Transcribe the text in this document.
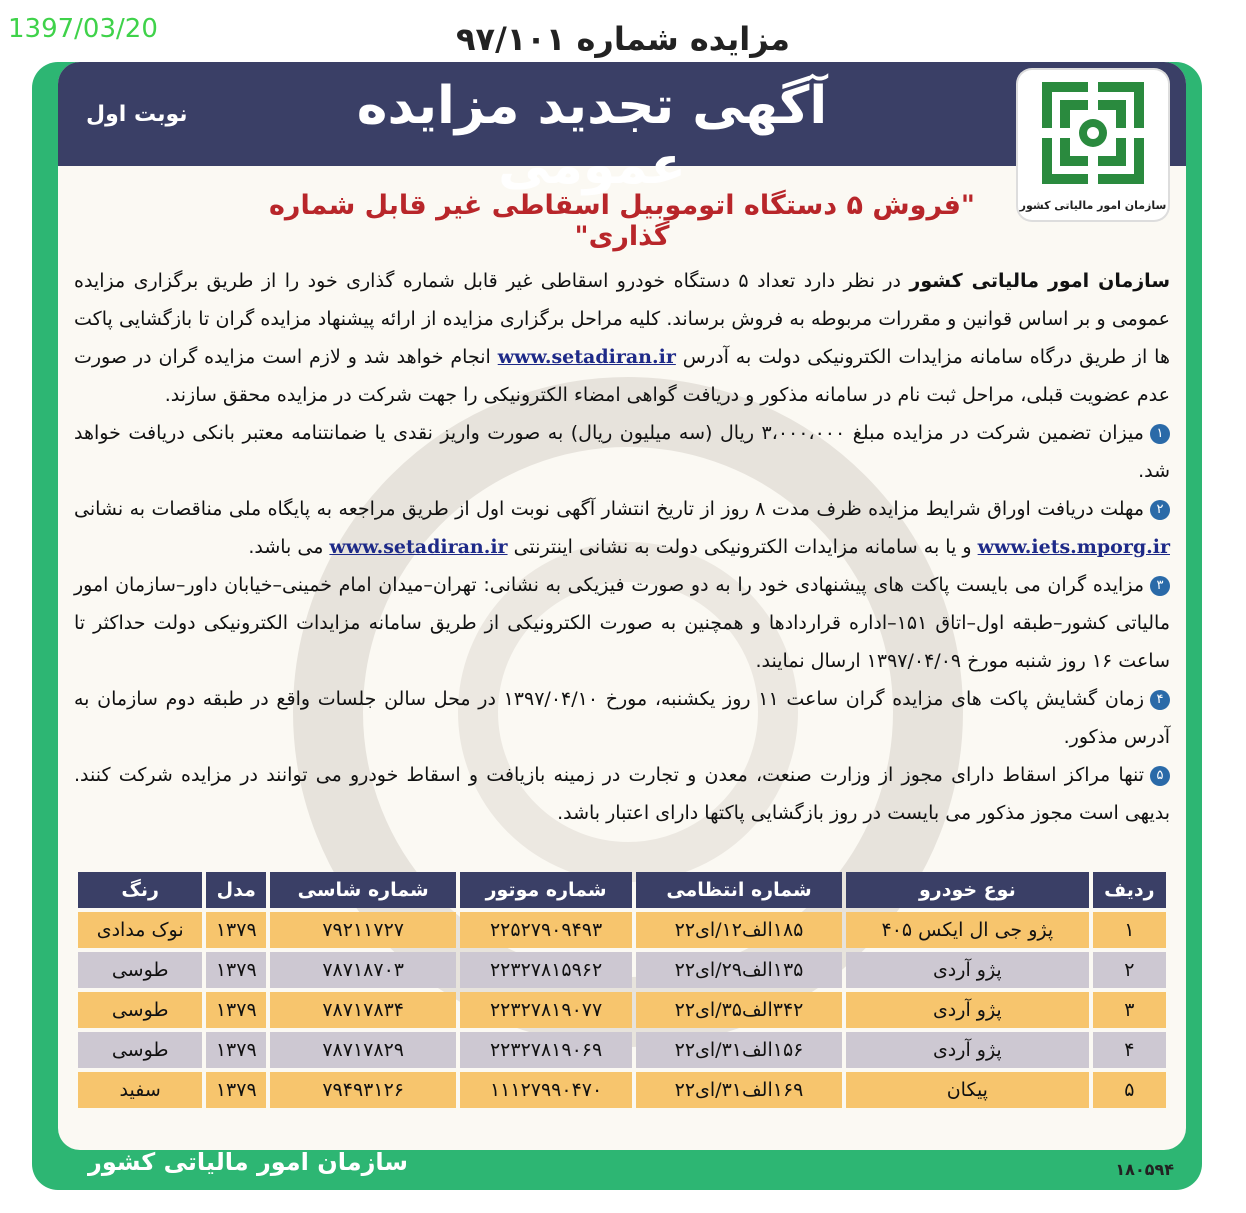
1397/03/20	مزایده شماره ۹۷/۱۰۱
آگهی تجدید مزایده عمومی
نوبت اول
سازمان امور مالیاتی کشور
"فروش ۵ دستگاه اتوموبیل اسقاطی غیر قابل شماره گذاری"

سازمان امور مالیاتی کشور در نظر دارد تعداد ۵ دستگاه خودرو اسقاطی غیر قابل شماره گذاری خود را از طریق برگزاری مزایده عمومی و بر اساس قوانین و مقررات مربوطه به فروش برساند. کلیه مراحل برگزاری مزایده از ارائه پیشنهاد مزایده گران تا بازگشایی پاکت ها از طریق درگاه سامانه مزایدات الکترونیکی دولت به آدرس www.setadiran.ir انجام خواهد شد و لازم است مزایده گران در صورت عدم عضویت قبلی، مراحل ثبت نام در سامانه مذکور و دریافت گواهی امضاء الکترونیکی را جهت شرکت در مزایده محقق سازند.

۱میزان تضمین شرکت در مزایده مبلغ ۳،۰۰۰،۰۰۰ ریال (سه میلیون ریال) به صورت واریز نقدی یا ضمانتنامه معتبر بانکی دریافت خواهد شد.

۲مهلت دریافت اوراق شرایط مزایده ظرف مدت ۸ روز از تاریخ انتشار آگهی نوبت اول از طریق مراجعه به پایگاه ملی مناقصات به نشانی www.iets.mporg.ir و یا به سامانه مزایدات الکترونیکی دولت به نشانی اینترنتی www.setadiran.ir می باشد.

۳مزایده گران می بایست پاکت های پیشنهادی خود را به دو صورت فیزیکی به نشانی: تهران–میدان امام خمینی–خیابان داور–سازمان امور مالیاتی کشور–طبقه اول–اتاق ۱۵۱–اداره قراردادها و همچنین به صورت الکترونیکی از طریق سامانه مزایدات الکترونیکی دولت حداکثر تا ساعت ۱۶ روز شنبه مورخ ۱۳۹۷/۰۴/۰۹ ارسال نمایند.

۴زمان گشایش پاکت های مزایده گران ساعت ۱۱ روز یکشنبه، مورخ ۱۳۹۷/۰۴/۱۰ در محل سالن جلسات واقع در طبقه دوم سازمان به آدرس مذکور.

۵تنها مراکز اسقاط دارای مجوز از وزارت صنعت، معدن و تجارت در زمینه بازیافت و اسقاط خودرو می توانند در مزایده شرکت کنند. بدیهی است مجوز مذکور می بایست در روز بازگشایی پاکتها دارای اعتبار باشد.

ردیف	نوع خودرو	شماره انتظامی	شماره موتور	شماره شاسی	مدل	رنگ
۱	پژو جی ال ایکس ۴۰۵	۱۸۵الف۱۲/ای۲۲	۲۲۵۲۷۹۰۹۴۹۳	۷۹۲۱۱۷۲۷	۱۳۷۹	نوک مدادی
۲	پژو آردی	۱۳۵الف۲۹/ای۲۲	۲۲۳۲۷۸۱۵۹۶۲	۷۸۷۱۸۷۰۳	۱۳۷۹	طوسی
۳	پژو آردی	۳۴۲الف۳۵/ای۲۲	۲۲۳۲۷۸۱۹۰۷۷	۷۸۷۱۷۸۳۴	۱۳۷۹	طوسی
۴	پژو آردی	۱۵۶الف۳۱/ای۲۲	۲۲۳۲۷۸۱۹۰۶۹	۷۸۷۱۷۸۲۹	۱۳۷۹	طوسی
۵	پیکان	۱۶۹الف۳۱/ای۲۲	۱۱۱۲۷۹۹۰۴۷۰	۷۹۴۹۳۱۲۶	۱۳۷۹	سفید
سازمان امور مالیاتی کشور	۱۸۰۵۹۴
